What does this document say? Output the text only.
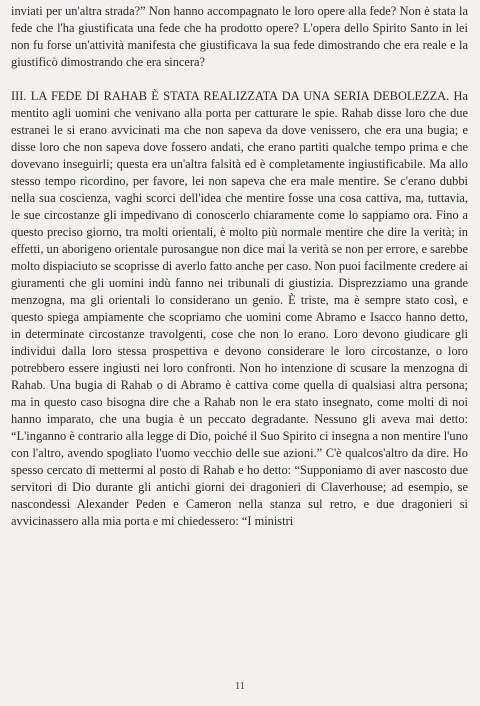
inviati per un'altra strada?” Non hanno accompagnato le loro opere alla fede? Non è stata la fede che l'ha giustificata una fede che ha prodotto opere? L'opera dello Spirito Santo in lei non fu forse un'attività manifesta che giustificava la sua fede dimostrando che era reale e la giustificò dimostrando che era sincera?

III. LA FEDE DI RAHAB È STATA REALIZZATA DA UNA SERIA DEBOLEZZA. Ha mentito agli uomini che venivano alla porta per catturare le spie. Rahab disse loro che due estranei le si erano avvicinati ma che non sapeva da dove venissero, che era una bugia; e disse loro che non sapeva dove fossero andati, che erano partiti qualche tempo prima e che dovevano inseguirli; questa era un'altra falsità ed è completamente ingiustificabile. Ma allo stesso tempo ricordino, per favore, lei non sapeva che era male mentire. Se c'erano dubbi nella sua coscienza, vaghi scorci dell'idea che mentire fosse una cosa cattiva, ma, tuttavia, le sue circostanze gli impedivano di conoscerlo chiaramente come lo sappiamo ora. Fino a questo preciso giorno, tra molti orientali, è molto più normale mentire che dire la verità; in effetti, un aborigeno orientale purosangue non dice mai la verità se non per errore, e sarebbe molto dispiaciuto se scoprisse di averlo fatto anche per caso. Non puoi facilmente credere ai giuramenti che gli uomini indù fanno nei tribunali di giustizia. Disprezziamo una grande menzogna, ma gli orientali lo considerano un genio. È triste, ma è sempre stato così, e questo spiega ampiamente che scopriamo che uomini come Abramo e Isacco hanno detto, in determinate circostanze travolgenti, cose che non lo erano. Loro devono giudicare gli individui dalla loro stessa prospettiva e devono considerare le loro circostanze, o loro potrebbero essere ingiusti nei loro confronti. Non ho intenzione di scusare la menzogna di Rahab. Una bugia di Rahab o di Abramo è cattiva come quella di qualsiasi altra persona; ma in questo caso bisogna dire che a Rahab non le era stato insegnato, come molti di noi hanno imparato, che una bugia è un peccato degradante. Nessuno gli aveva mai detto: “L'inganno è contrario alla legge di Dio, poiché il Suo Spirito ci insegna a non mentire l'uno con l'altro, avendo spogliato l'uomo vecchio delle sue azioni.” C'è qualcos'altro da dire. Ho spesso cercato di mettermi al posto di Rahab e ho detto: “Supponiamo di aver nascosto due servitori di Dio durante gli antichi giorni dei dragonieri di Claverhouse; ad esempio, se nascondessi Alexander Peden e Cameron nella stanza sul retro, e due dragonieri si avvicinassero alla mia porta e mi chiedessero: “I ministri

11
